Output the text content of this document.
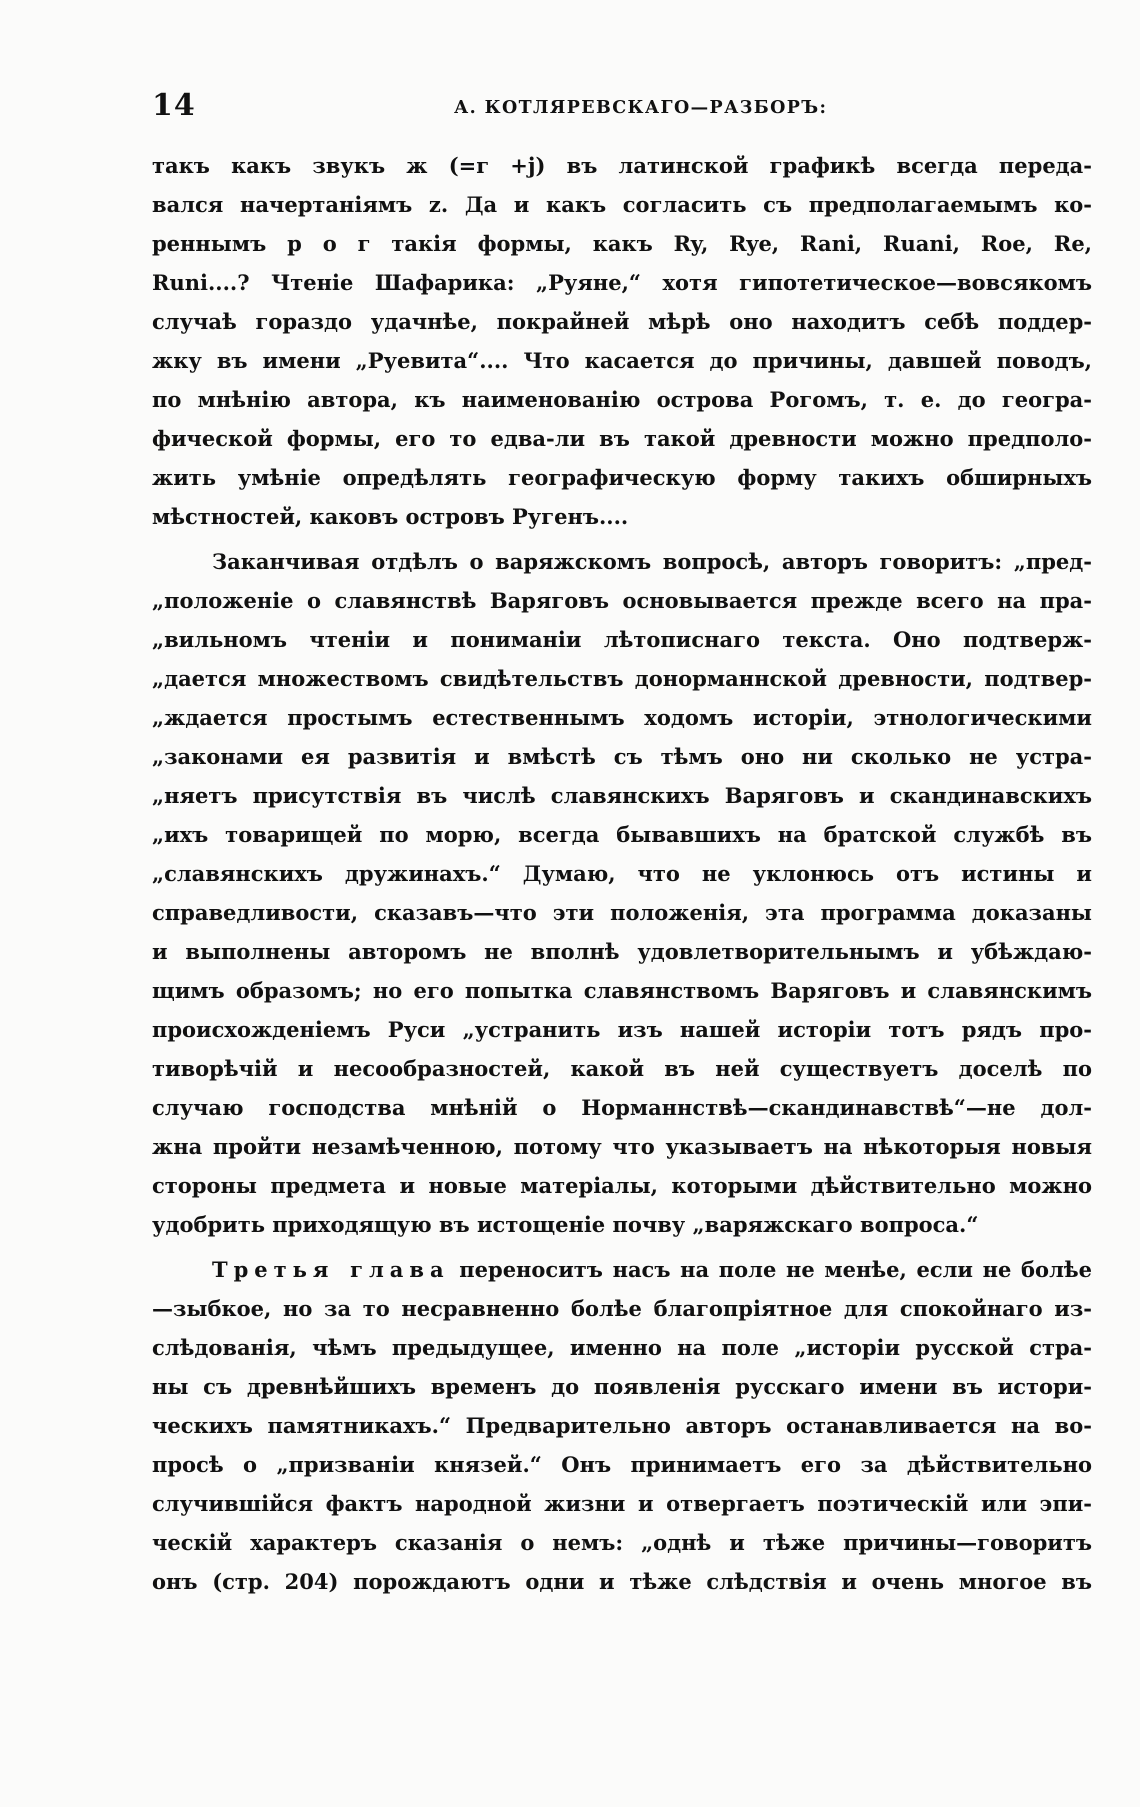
14	А. КОТЛЯРЕВСКАГО—РАЗБОРЪ:
такъ какъ звукъ ж (=г +j) въ латинской графикѣ всегда переда-
вался начертаніямъ z. Да и какъ согласить съ предполагаемымъ ко-
реннымъ р о г такія формы, какъ Ry, Rye, Rani, Ruani, Roe, Re,
Runi....? Чтеніе Шафарика: „Руяне,“ хотя гипотетическое—вовсякомъ
случаѣ гораздо удачнѣе, покрайней мѣрѣ оно находитъ себѣ поддер-
жку въ имени „Руевита“.... Что касается до причины, давшей поводъ,
по мнѣнію автора, къ наименованію острова Рогомъ, т. е. до геогра-
фической формы, его то едва-ли въ такой древности можно предполо-
жить умѣніе опредѣлять географическую форму такихъ обширныхъ
мѣстностей, каковъ островъ Ругенъ....
Заканчивая отдѣлъ о варяжскомъ вопросѣ, авторъ говоритъ: „пред-
„положеніе о славянствѣ Варяговъ основывается прежде всего на пра-
„вильномъ чтеніи и пониманіи лѣтописнаго текста. Оно подтверж-
„дается множествомъ свидѣтельствъ донорманнской древности, подтвер-
„ждается простымъ естественнымъ ходомъ исторіи, этнологическими
„законами ея развитія и вмѣстѣ съ тѣмъ оно ни сколько не устра-
„няетъ присутствія въ числѣ славянскихъ Варяговъ и скандинавскихъ
„ихъ товарищей по морю, всегда бывавшихъ на братской службѣ въ
„славянскихъ дружинахъ.“ Думаю, что не уклонюсь отъ истины и
справедливости, сказавъ—что эти положенія, эта программа доказаны
и выполнены авторомъ не вполнѣ удовлетворительнымъ и убѣждаю-
щимъ образомъ; но его попытка славянствомъ Варяговъ и славянскимъ
происхожденіемъ Руси „устранить изъ нашей исторіи тотъ рядъ про-
тиворѣчій и несообразностей, какой въ ней существуетъ доселѣ по
случаю господства мнѣній о Норманнствѣ—скандинавствѣ“—не дол-
жна пройти незамѣченною, потому что указываетъ на нѣкоторыя новыя
стороны предмета и новые матеріалы, которыми дѣйствительно можно
удобрить приходящую въ истощеніе почву „варяжскаго вопроса.“
Третья глава переноситъ насъ на поле не менѣе, если не болѣе
—зыбкое, но за то несравненно болѣе благопріятное для спокойнаго из-
слѣдованія, чѣмъ предыдущее, именно на поле „исторіи русской стра-
ны съ древнѣйшихъ временъ до появленія русскаго имени въ истори-
ческихъ памятникахъ.“ Предварительно авторъ останавливается на во-
просѣ о „призваніи князей.“ Онъ принимаетъ его за дѣйствительно
случившійся фактъ народной жизни и отвергаетъ поэтическій или эпи-
ческій характеръ сказанія о немъ: „однѣ и тѣже причины—говоритъ
онъ (стр. 204) порождаютъ одни и тѣже слѣдствія и очень многое въ
